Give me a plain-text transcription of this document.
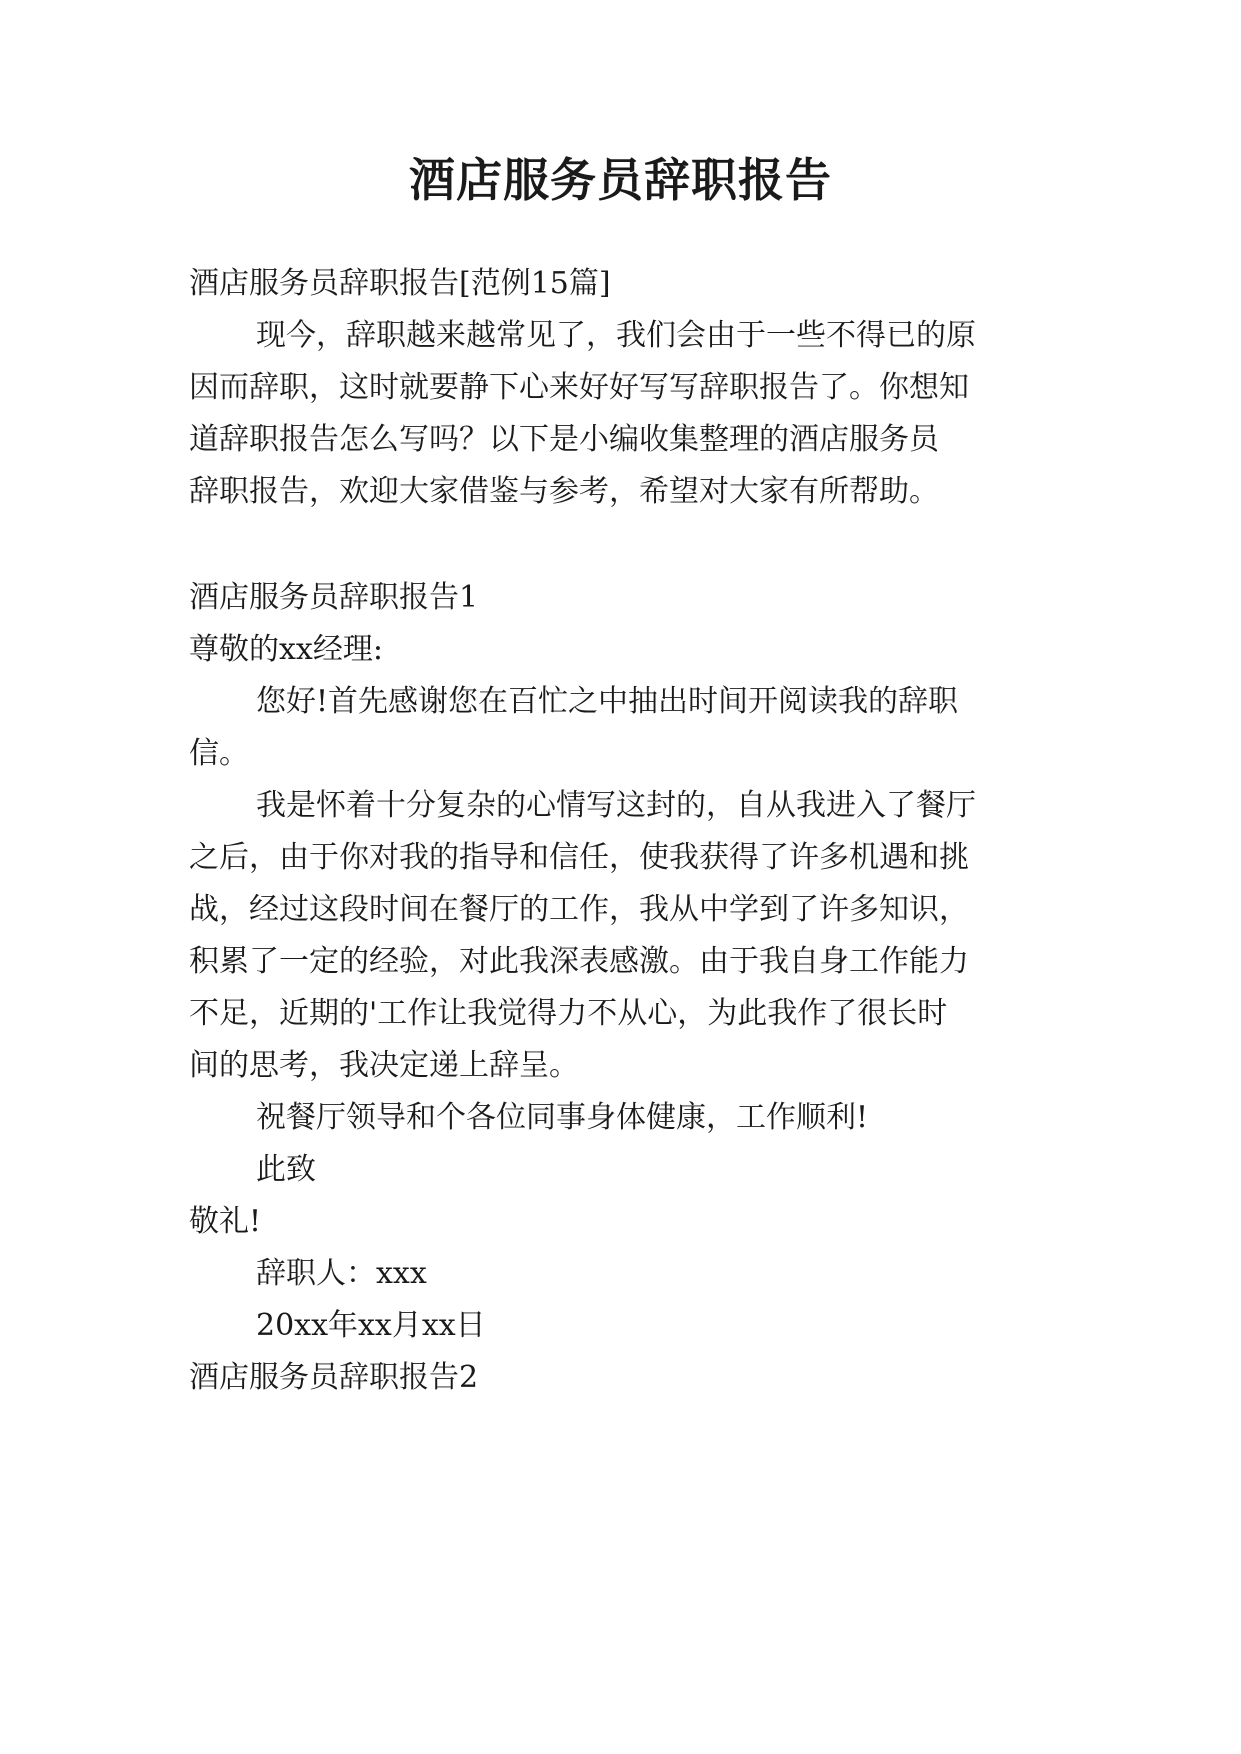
酒店服务员辞职报告

酒店服务员辞职报告[范例15篇]

现今，辞职越来越常见了，我们会由于一些不得已的原

因而辞职，这时就要静下心来好好写写辞职报告了。你想知

道辞职报告怎么写吗？以下是小编收集整理的酒店服务员

辞职报告，欢迎大家借鉴与参考，希望对大家有所帮助。

酒店服务员辞职报告1

尊敬的xx经理:

您好!首先感谢您在百忙之中抽出时间开阅读我的辞职

信。

我是怀着十分复杂的心情写这封的，自从我进入了餐厅

之后，由于你对我的指导和信任，使我获得了许多机遇和挑

战，经过这段时间在餐厅的工作，我从中学到了许多知识，

积累了一定的经验，对此我深表感激。由于我自身工作能力

不足，近期的'工作让我觉得力不从心，为此我作了很长时

间的思考，我决定递上辞呈。

祝餐厅领导和个各位同事身体健康，工作顺利!

此致

敬礼!

辞职人：xxx

20xx年xx月xx日

酒店服务员辞职报告2
